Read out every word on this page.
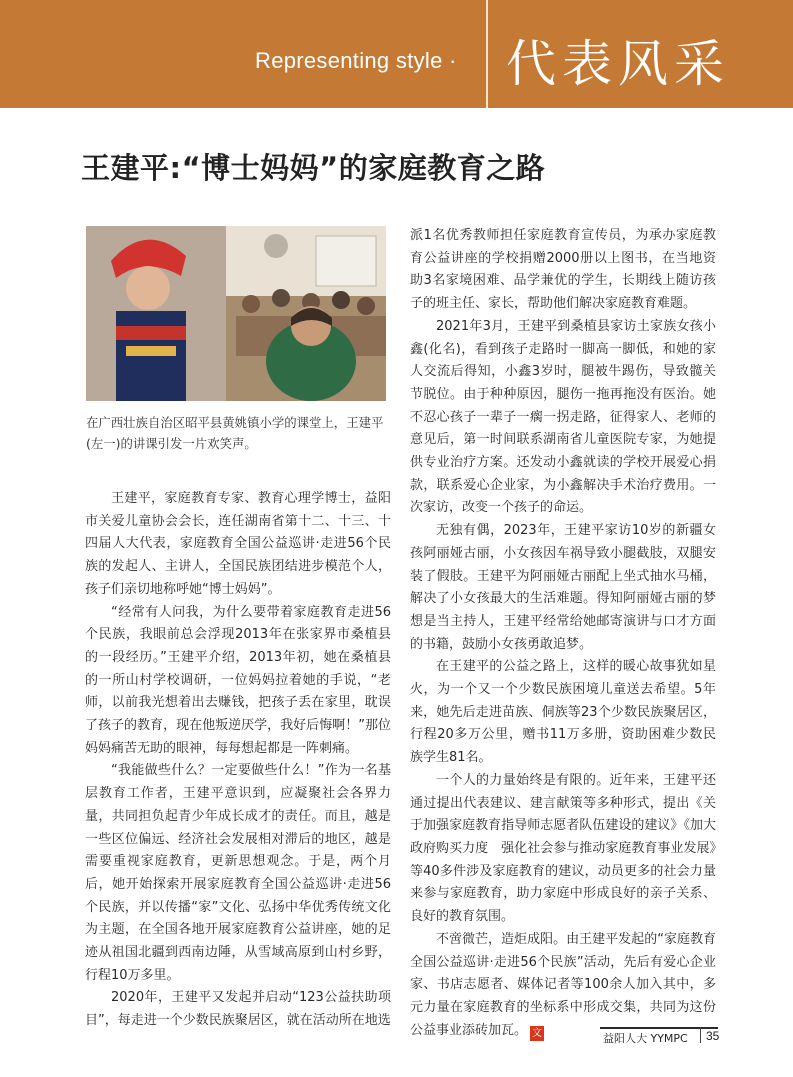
Representing style · 代表风采
王建平:“博士妈妈”的家庭教育之路
在广西壮族自治区昭平县黄姚镇小学的课堂上，王建平(左一)的讲课引发一片欢笑声。

王建平，家庭教育专家、教育心理学博士，益阳市关爱儿童协会会长，连任湖南省第十二、十三、十四届人大代表，家庭教育全国公益巡讲·走进56个民族的发起人、主讲人，全国民族团结进步模范个人，孩子们亲切地称呼她“博士妈妈”。

“经常有人问我，为什么要带着家庭教育走进56个民族，我眼前总会浮现2013年在张家界市桑植县的一段经历。”王建平介绍，2013年初，她在桑植县的一所山村学校调研，一位妈妈拉着她的手说，“老师，以前我光想着出去赚钱，把孩子丢在家里，耽误了孩子的教育，现在他叛逆厌学，我好后悔啊！”那位妈妈痛苦无助的眼神，每每想起都是一阵刺痛。

“我能做些什么？一定要做些什么！”作为一名基层教育工作者，王建平意识到，应凝聚社会各界力量，共同担负起青少年成长成才的责任。而且，越是一些区位偏远、经济社会发展相对滞后的地区，越是需要重视家庭教育，更新思想观念。于是，两个月后，她开始探索开展家庭教育全国公益巡讲·走进56个民族，并以传播“家”文化、弘扬中华优秀传统文化为主题，在全国各地开展家庭教育公益讲座，她的足迹从祖国北疆到西南边陲，从雪域高原到山村乡野，行程10万多里。

2020年，王建平又发起并启动“123公益扶助项目”，每走进一个少数民族聚居区，就在活动所在地选

派1名优秀教师担任家庭教育宣传员，为承办家庭教育公益讲座的学校捐赠2000册以上图书，在当地资助3名家境困难、品学兼优的学生，长期线上随访孩子的班主任、家长，帮助他们解决家庭教育难题。

2021年3月，王建平到桑植县家访土家族女孩小鑫(化名)，看到孩子走路时一脚高一脚低，和她的家人交流后得知，小鑫3岁时，腿被牛踢伤，导致髋关节脱位。由于种种原因，腿伤一拖再拖没有医治。她不忍心孩子一辈子一瘸一拐走路，征得家人、老师的意见后，第一时间联系湖南省儿童医院专家，为她提供专业治疗方案。还发动小鑫就读的学校开展爱心捐款，联系爱心企业家，为小鑫解决手术治疗费用。一次家访，改变一个孩子的命运。

无独有偶，2023年，王建平家访10岁的新疆女孩阿丽娅古丽，小女孩因车祸导致小腿截肢，双腿安装了假肢。王建平为阿丽娅古丽配上坐式抽水马桶，解决了小女孩最大的生活难题。得知阿丽娅古丽的梦想是当主持人，王建平经常给她邮寄演讲与口才方面的书籍，鼓励小女孩勇敢追梦。

在王建平的公益之路上，这样的暖心故事犹如星火，为一个又一个少数民族困境儿童送去希望。5年来，她先后走进苗族、侗族等23个少数民族聚居区，行程20多万公里，赠书11万多册，资助困难少数民族学生81名。

一个人的力量始终是有限的。近年来，王建平还通过提出代表建议、建言献策等多种形式，提出《关于加强家庭教育指导师志愿者队伍建设的建议》《加大政府购买力度　强化社会参与推动家庭教育事业发展》等40多件涉及家庭教育的建议，动员更多的社会力量来参与家庭教育，助力家庭中形成良好的亲子关系、良好的教育氛围。

不啻微芒，造炬成阳。由王建平发起的“家庭教育全国公益巡讲·走进56个民族”活动，先后有爱心企业家、书店志愿者、媒体记者等100余人加入其中，多元力量在家庭教育的坐标系中形成交集，共同为这份公益事业添砖加瓦。 文	益阳人大 YYMPC	35
